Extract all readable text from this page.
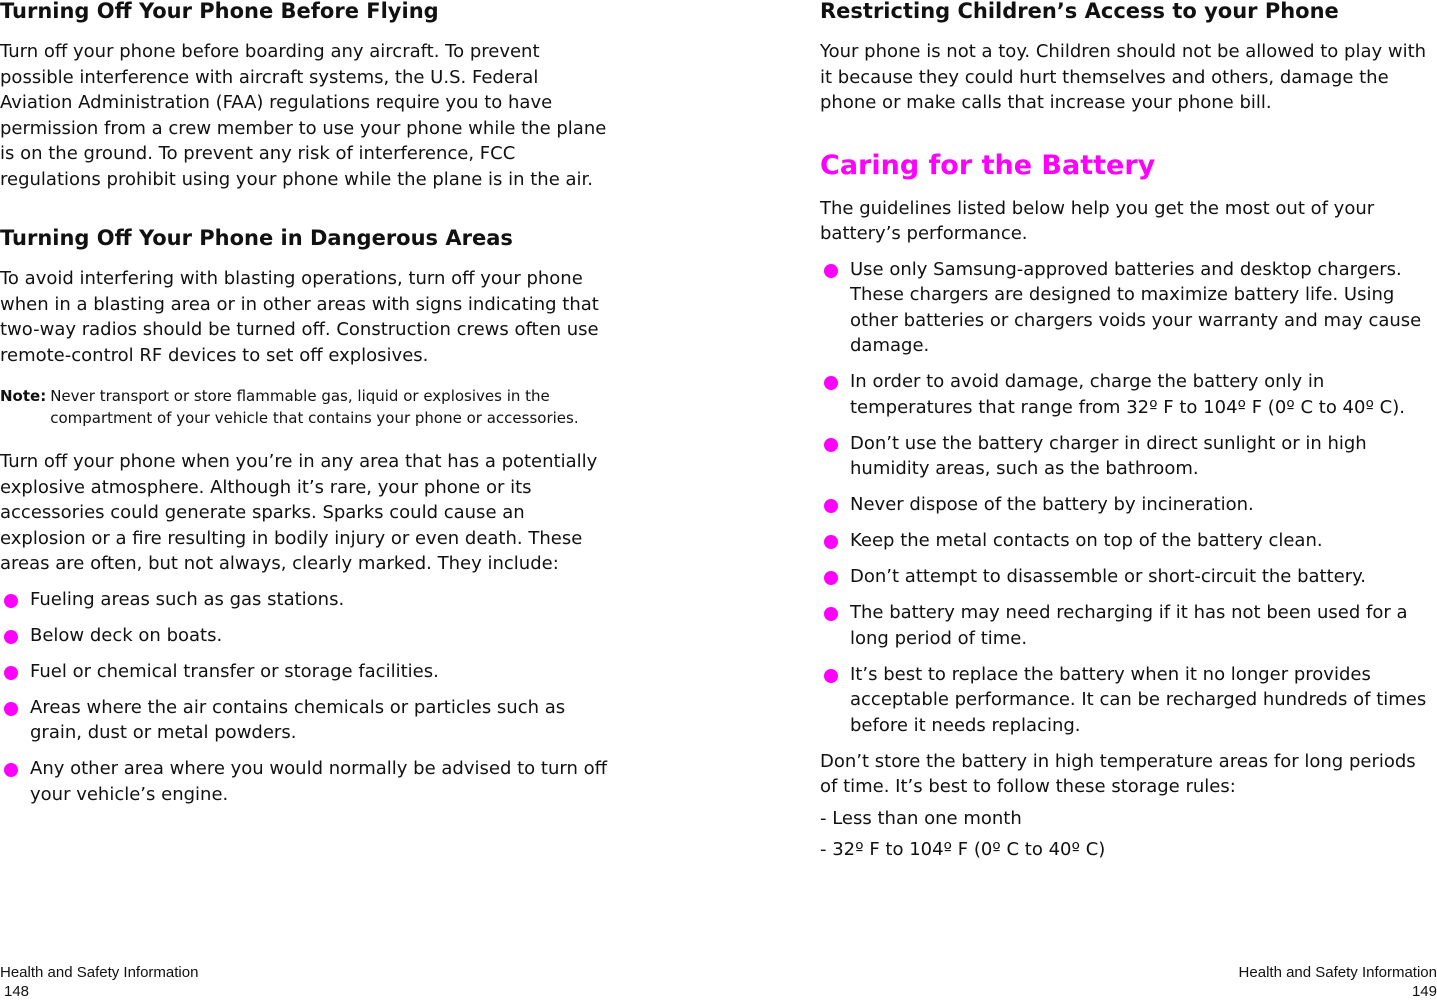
Turning Off Your Phone Before Flying

Turn off your phone before boarding any aircraft. To prevent possible interference with aircraft systems, the U.S. Federal Aviation Administration (FAA) regulations require you to have permission from a crew member to use your phone while the plane is on the ground. To prevent any risk of interference, FCC regulations prohibit using your phone while the plane is in the air.

Turning Off Your Phone in Dangerous Areas

To avoid interfering with blasting operations, turn off your phone when in a blasting area or in other areas with signs indicating that two-way radios should be turned off. Construction crews often use remote-control RF devices to set off explosives.

Note: Never transport or store flammable gas, liquid or explosives in the compartment of your vehicle that contains your phone or accessories.

Turn off your phone when you’re in any area that has a potentially explosive atmosphere. Although it’s rare, your phone or its accessories could generate sparks. Sparks could cause an explosion or a fire resulting in bodily injury or even death. These areas are often, but not always, clearly marked. They include:

Fueling areas such as gas stations.
Below deck on boats.
Fuel or chemical transfer or storage facilities.
Areas where the air contains chemicals or particles such as grain, dust or metal powders.
Any other area where you would normally be advised to turn off your vehicle’s engine.
Health and Safety Information
148
Restricting Children’s Access to your Phone

Your phone is not a toy. Children should not be allowed to play with it because they could hurt themselves and others, damage the phone or make calls that increase your phone bill.

Caring for the Battery

The guidelines listed below help you get the most out of your battery’s performance.

Use only Samsung-approved batteries and desktop chargers. These chargers are designed to maximize battery life. Using other batteries or chargers voids your warranty and may cause damage.
In order to avoid damage, charge the battery only in temperatures that range from 32º F to 104º F (0º C to 40º C).
Don’t use the battery charger in direct sunlight or in high humidity areas, such as the bathroom.
Never dispose of the battery by incineration.
Keep the metal contacts on top of the battery clean.
Don’t attempt to disassemble or short-circuit the battery.
The battery may need recharging if it has not been used for a long period of time.
It’s best to replace the battery when it no longer provides acceptable performance. It can be recharged hundreds of times before it needs replacing.

Don’t store the battery in high temperature areas for long periods of time. It’s best to follow these storage rules:

- Less than one month

- 32º F to 104º F (0º C to 40º C)

Health and Safety Information
149
